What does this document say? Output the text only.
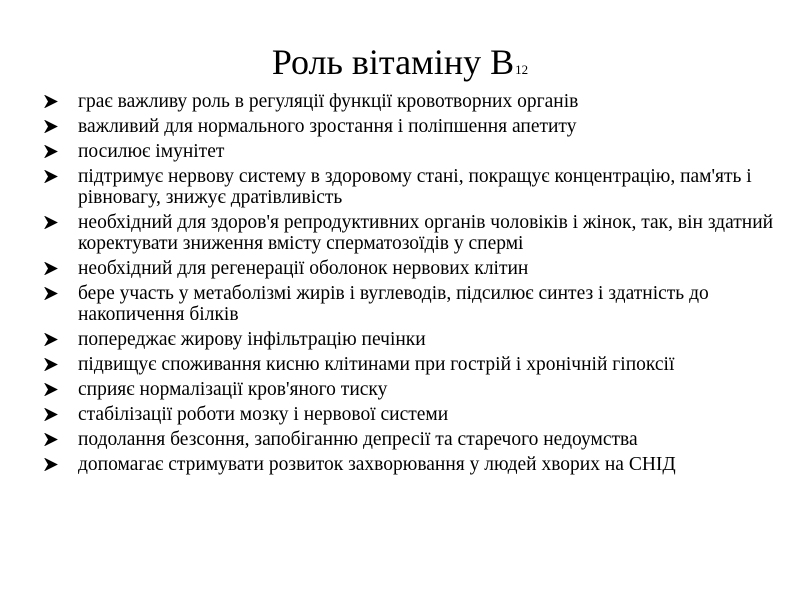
Роль вітаміну В12
грає важливу роль в регуляції функції кровотворних органів
важливий для нормального зростання і поліпшення апетиту
посилює імунітет
підтримує нервову систему в здоровому стані, покращує концентрацію, пам'ять і рівновагу, знижує дратівливість
необхідний для здоров'я репродуктивних органів чоловіків і жінок, так, він здатний коректувати зниження вмісту сперматозоїдів у спермі
необхідний для регенерації оболонок нервових клітин
бере участь у метаболізмі жирів і вуглеводів, підсилює синтез і здатність до накопичення білків
попереджає жирову інфільтрацію печінки
підвищує споживання кисню клітинами при гострій і хронічній гіпоксії
сприяє нормалізації кров'яного тиску
стабілізації роботи мозку і нервової системи
подолання безсоння, запобіганню депресії та старечого недоумства
допомагає стримувати розвиток захворювання у людей хворих на СНІД
